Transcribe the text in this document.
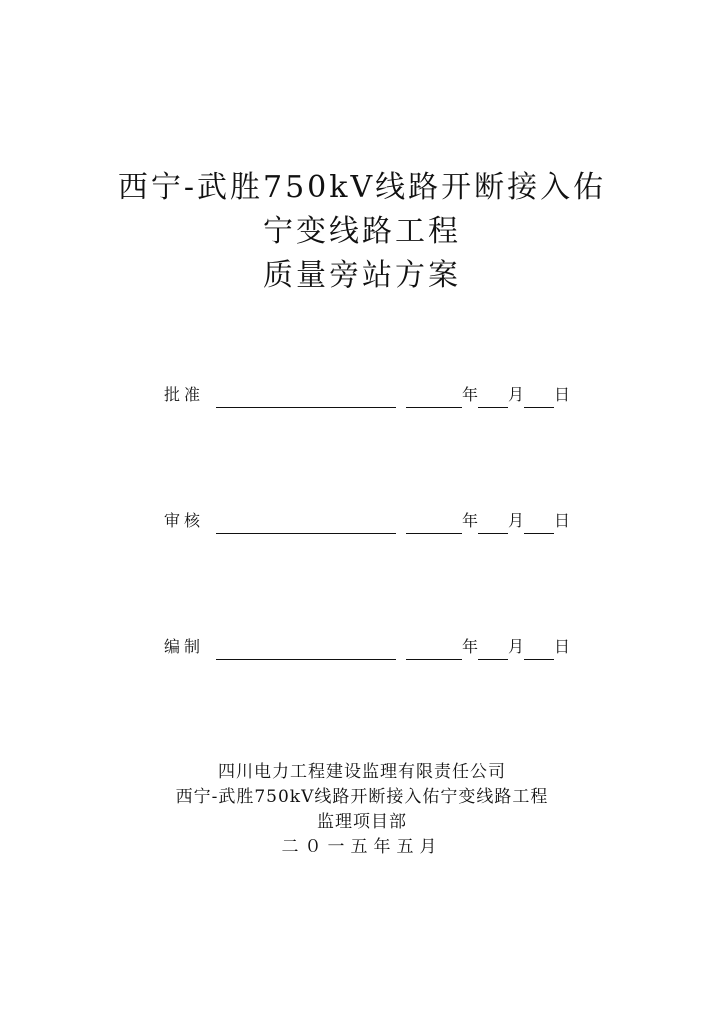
西宁-武胜750kV线路开断接入佑
宁变线路工程
质量旁站方案
批准	年 月 日
审核	年 月 日
编制	年 月 日
四川电力工程建设监理有限责任公司
西宁-武胜750kV线路开断接入佑宁变线路工程
监理项目部
二０一五年五月
